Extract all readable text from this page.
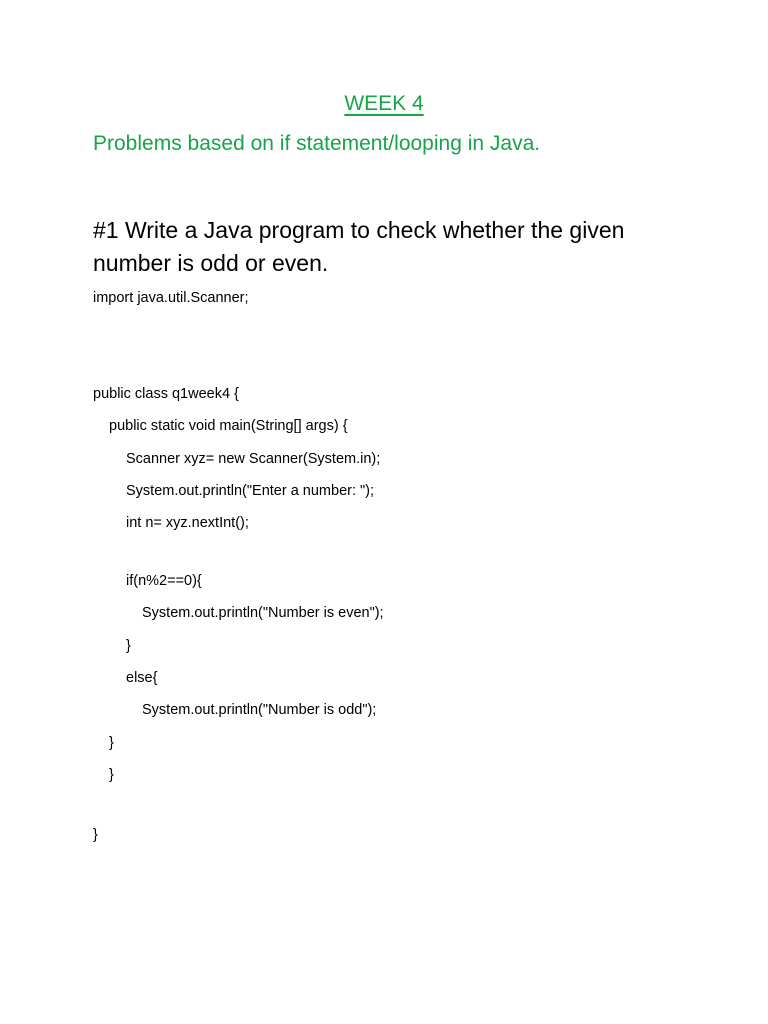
WEEK 4
Problems based on if statement/looping in Java.
#1 Write a Java program to check whether the given number is odd or even.
import java.util.Scanner;
public class q1week4 {
public static void main(String[] args) {
Scanner xyz= new Scanner(System.in);
System.out.println("Enter a number: ");
int n= xyz.nextInt();
if(n%2==0){
System.out.println("Number is even");
}
else{
System.out.println("Number is odd");
}
}
}
